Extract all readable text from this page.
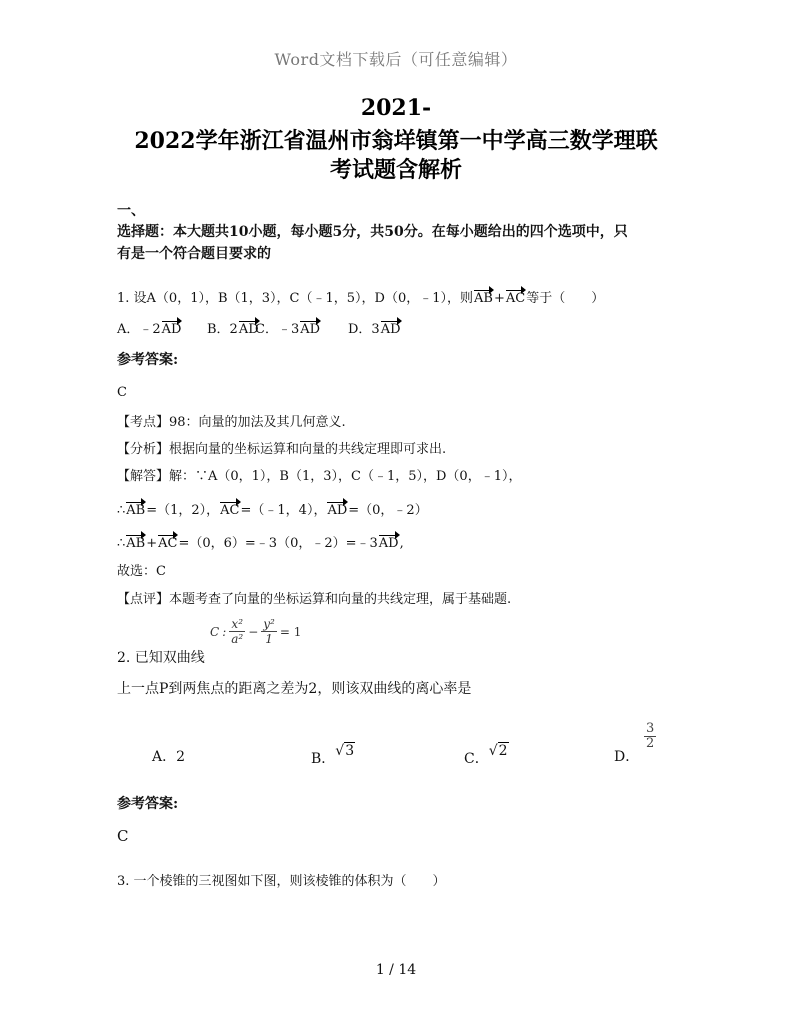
Word文档下载后（可任意编辑）
2021-
2022学年浙江省温州市翁垟镇第一中学高三数学理联
考试题含解析
一、
选择题：本大题共10小题，每小题5分，共50分。在每小题给出的四个选项中，只
有是一个符合题目要求的
1. 设A（0，1），B（1，3），C（﹣1，5），D（0，﹣1），则AB+AC等于（　　）
A．﹣2AD B．2AD
C．﹣3AD D．3AD
参考答案:
C
【考点】98：向量的加法及其几何意义.
【分析】根据向量的坐标运算和向量的共线定理即可求出.
【解答】解：∵A（0，1），B（1，3），C（﹣1，5），D（0，﹣1），
∴AB=（1，2），AC=（﹣1，4），AD=（0，﹣2）
∴AB+AC=（0，6）=﹣3（0，﹣2）=﹣3AD,
故选：C
【点评】本题考查了向量的坐标运算和向量的共线定理，属于基础题.
2. 已知双曲线
C : $\frac{\text{x²}}{\text{a²}} - \frac{\text{y²}}{1} = 1$
上一点P到两焦点的距离之差为2，则该双曲线的离心率是
A．2	B．√3	C．√2	D．
$\frac{3}{2}$
参考答案:
C
3. 一个棱锥的三视图如下图，则该棱锥的体积为（　　）
1 / 14
